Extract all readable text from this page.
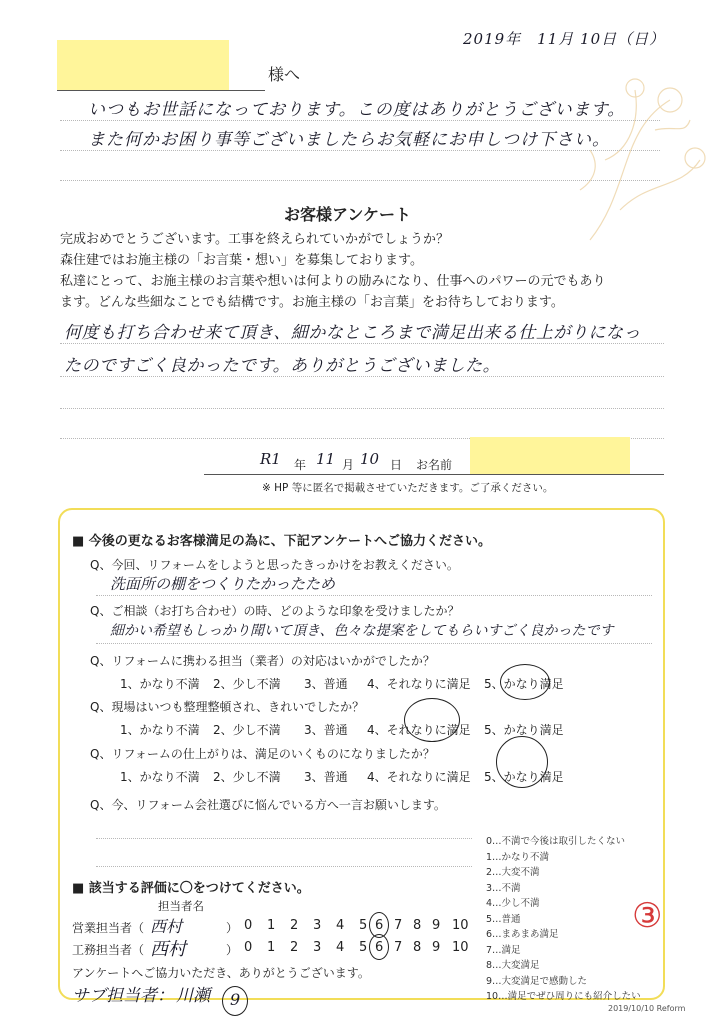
2019年　11月 10日（日）
様へ
いつもお世話になっております。この度はありがとうございます。
また何かお困り事等ございましたらお気軽にお申しつけ下さい。
お客様アンケート
完成おめでとうございます。工事を終えられていかがでしょうか？
森住建ではお施主様の「お言葉・想い」を募集しております。
私達にとって、お施主様のお言葉や想いは何よりの励みになり、仕事へのパワーの元でもあり
ます。どんな些細なことでも結構です。お施主様の「お言葉」をお待ちしております。
何度も打ち合わせ来て頂き、細かなところまで満足出来る仕上がりになっ
たのですごく良かったです。ありがとうございました。
R1 年 11 月 10 日 お名前
※ HP 等に匿名で掲載させていただきます。ご了承ください。
■ 今後の更なるお客様満足の為に、下記アンケートへご協力ください。
Q、今回、リフォームをしようと思ったきっかけをお教えください。
洗面所の棚をつくりたかったため
Q、ご相談（お打ち合わせ）の時、どのような印象を受けましたか？
細かい希望もしっかり聞いて頂き、色々な提案をしてもらいすごく良かったです
Q、リフォームに携わる担当（業者）の対応はいかがでしたか？
1、かなり不満 2、少し不満 3、普通 4、それなりに満足 5、かなり満足
Q、現場はいつも整理整頓され、きれいでしたか？
1、かなり不満 2、少し不満 3、普通 4、それなりに満足 5、かなり満足
Q、リフォームの仕上がりは、満足のいくものになりましたか？
1、かなり不満 2、少し不満 3、普通 4、それなりに満足 5、かなり満足
Q、今、リフォーム会社選びに悩んでいる方へ一言お願いします。
0…不満で今後は取引したくない
1…かなり不満
2…大変不満
3…不満
4…少し不満
5…普通
6…まあまあ満足
7…満足
8…大変満足
9…大変満足で感動した
10…満足でぜひ周りにも紹介したい
■ 該当する評価に〇をつけてください。
担当者名
営業担当者（ 西村	） 0 1 2 3 4 5 6 7 8 9 10
工務担当者（ 西村	） 0 1 2 3 4 5 6 7 8 9 10
アンケートへご協力いただき、ありがとうございます。
サブ担当者： 川瀬 9
③
2019/10/10 Reform
